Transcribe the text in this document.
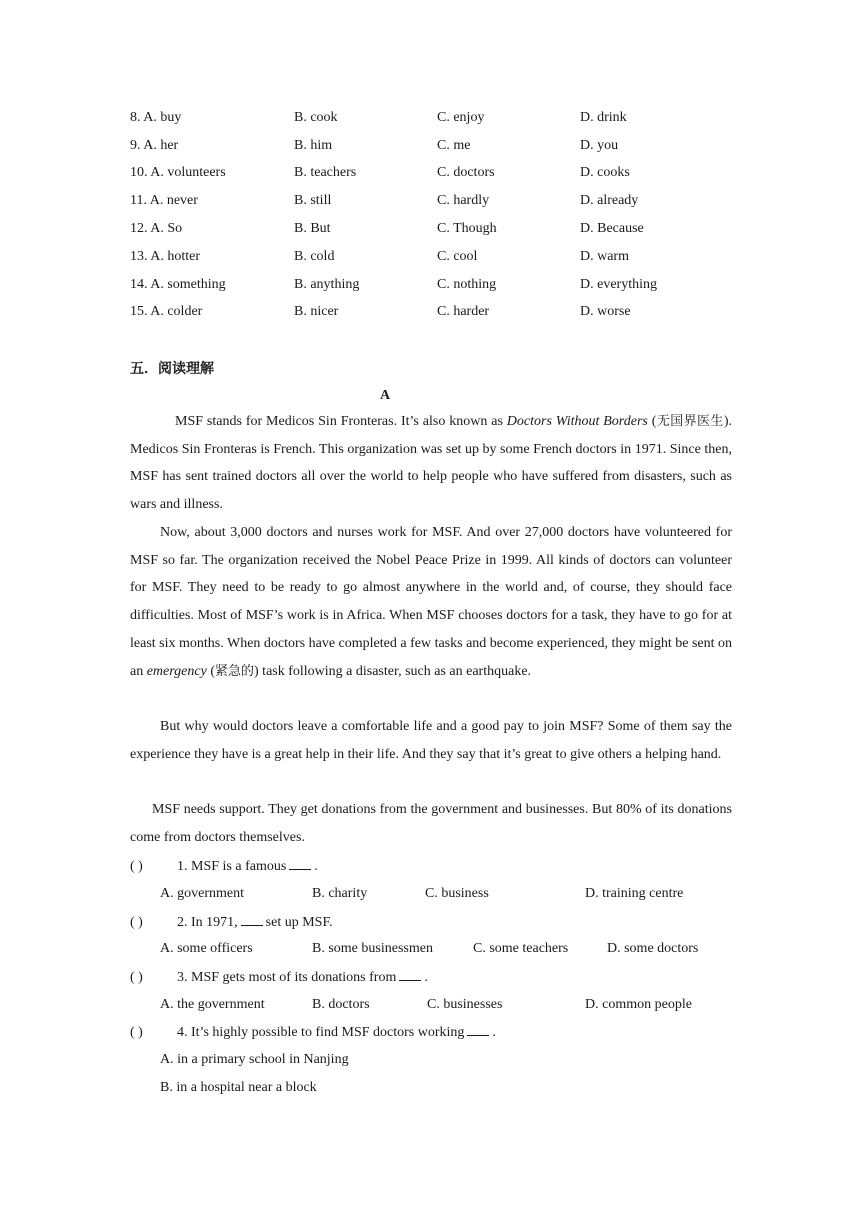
8. A. buy	B. cook	C. enjoy	D. drink
9. A. her	B. him	C. me	D. you
10. A. volunteers	B. teachers	C. doctors	D. cooks
11. A. never	B. still	C. hardly	D. already
12. A. So	B. But	C. Though	D. Because
13. A. hotter	B. cold	C. cool	D. warm
14. A. something	B. anything	C. nothing	D. everything
15. A. colder	B. nicer	C. harder	D. worse
五．阅读理解
A

MSF stands for Medicos Sin Fronteras. It’s also known as Doctors Without Borders (无国界医生). Medicos Sin Fronteras is French. This organization was set up by some French doctors in 1971. Since then, MSF has sent trained doctors all over the world to help people who have suffered from disasters, such as wars and illness.

Now, about 3,000 doctors and nurses work for MSF. And over 27,000 doctors have volunteered for MSF so far. The organization received the Nobel Peace Prize in 1999. All kinds of doctors can volunteer for MSF. They need to be ready to go almost anywhere in the world and, of course, they should face difficulties. Most of MSF’s work is in Africa. When MSF chooses doctors for a task, they have to go for at least six months. When doctors have completed a few tasks and become experienced, they might be sent on an emergency (紧急的) task following a disaster, such as an earthquake.

But why would doctors leave a comfortable life and a good pay to join MSF? Some of them say the experience they have is a great help in their life. And they say that it’s great to give others a helping hand.

MSF needs support. They get donations from the government and businesses. But 80% of its donations come from doctors themselves.

( ) 1. MSF is a famous .
A. government	B. charity	C. business	D. training centre
( ) 2. In 1971, set up MSF.
A. some officers	B. some businessmen	C. some teachers	D. some doctors
( ) 3. MSF gets most of its donations from .
A. the government	B. doctors	C. businesses	D. common people
( ) 4. It’s highly possible to find MSF doctors working .
A. in a primary school in Nanjing
B. in a hospital near a block
